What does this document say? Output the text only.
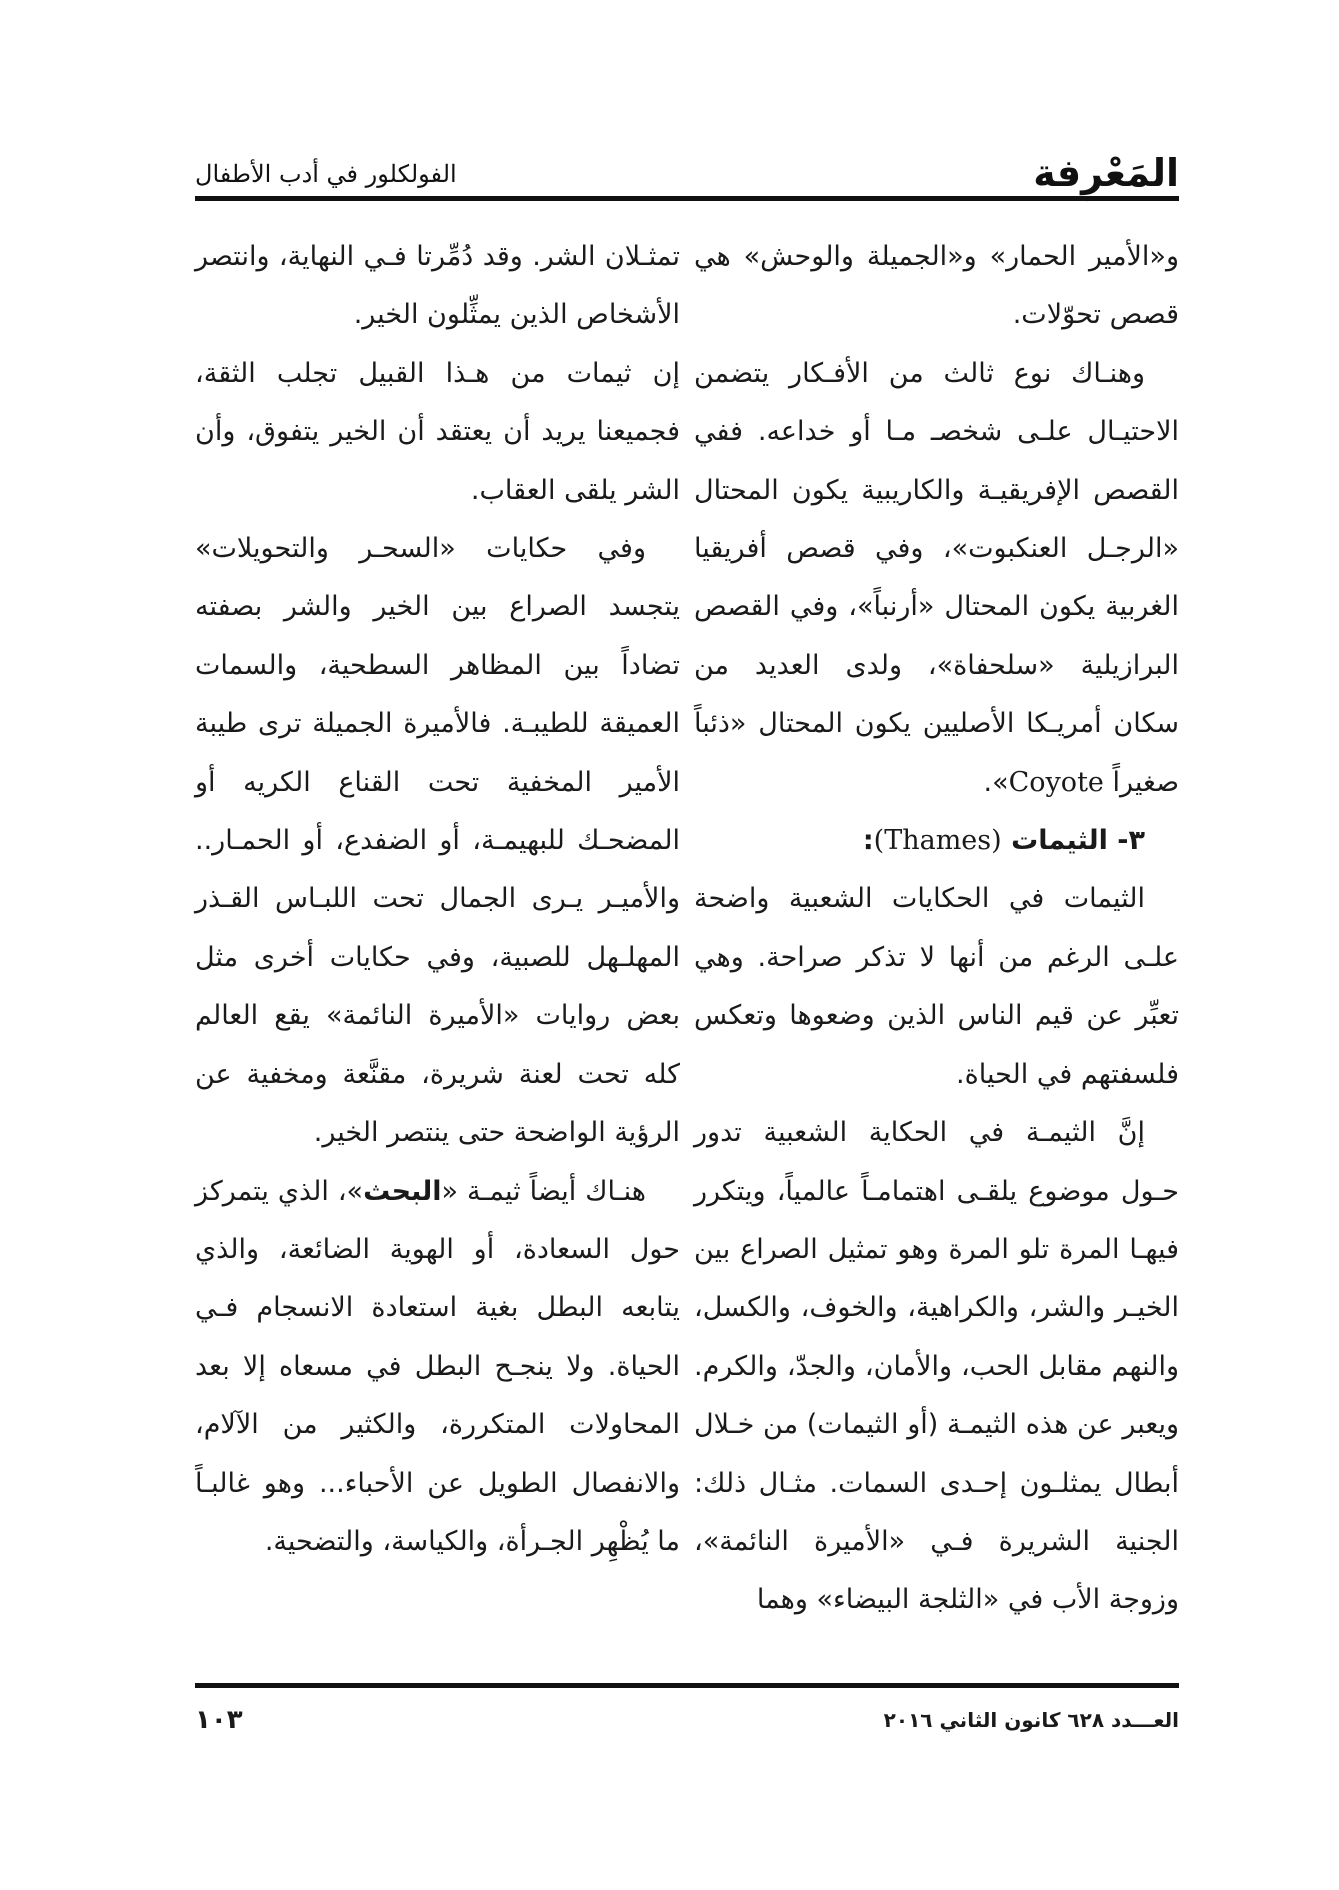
المَعْرِفة
الفولكلور في أدب الأطفال

و«الأمير الحمار» و«الجميلة والوحش» هي قصص تحوّلات.

وهنـاك نوع ثالث من الأفـكار يتضمن الاحتيـال علـى شخصـ مـا أو خداعه. ففي القصص الإفريقيـة والكاريبية يكون المحتال «الرجـل العنكبوت»، وفي قصص أفريقيا الغربية يكون المحتال «أرنباً»، وفي القصص البرازيلية «سلحفاة»، ولدى العديد من سكان أمريـكا الأصليين يكون المحتال «ذئباً صغيراً Coyote».

٣- الثيمات (Thames):

الثيمات في الحكايات الشعبية واضحة علـى الرغم من أنها لا تذكر صراحة. وهي تعبِّر عن قيم الناس الذين وضعوها وتعكس فلسفتهم في الحياة.

إنَّ الثيمـة في الحكاية الشعبية تدور حـول موضوع يلقـى اهتمامـاً عالمياً، ويتكرر فيهـا المرة تلو المرة وهو تمثيل الصراع بين الخيـر والشر، والكراهية، والخوف، والكسل، والنهم مقابل الحب، والأمان، والجدّ، والكرم. ويعبر عن هذه الثيمـة (أو الثيمات) من خـلال أبطال يمثلـون إحـدى السمات. مثـال ذلك: الجنية الشريرة فـي «الأميرة النائمة»، وزوجة الأب في «الثلجة البيضاء» وهما

تمثـلان الشر. وقد دُمِّرتا فـي النهاية، وانتصر الأشخاص الذين يمثِّلون الخير.

إن ثيمات من هـذا القبيل تجلب الثقة، فجميعنا يريد أن يعتقد أن الخير يتفوق، وأن الشر يلقى العقاب.

وفي حكايات «السحـر والتحويلات» يتجسد الصراع بين الخير والشر بصفته تضاداً بين المظاهر السطحية، والسمات العميقة للطيبـة. فالأميرة الجميلة ترى طيبة الأمير المخفية تحت القناع الكريه أو المضحـك للبهيمـة، أو الضفدع، أو الحمـار.. والأميـر يـرى الجمال تحت اللبـاس القـذر المهلـهل للصبية، وفي حكايات أخرى مثل بعض روايات «الأميرة النائمة» يقع العالم كله تحت لعنة شريرة، مقنَّعة ومخفية عن الرؤية الواضحة حتى ينتصر الخير.

هنـاك أيضاً ثيمـة «البحث»، الذي يتمركز حول السعادة، أو الهوية الضائعة، والذي يتابعه البطل بغية استعادة الانسجام فـي الحياة. ولا ينجـح البطل في مسعاه إلا بعد المحاولات المتكررة، والكثير من الآلام، والانفصال الطويل عن الأحباء... وهو غالبـاً ما يُظْهِر الجـرأة، والكياسة، والتضحية.

العـــدد ٦٢٨ كانون الثاني ٢٠١٦
١٠٣
